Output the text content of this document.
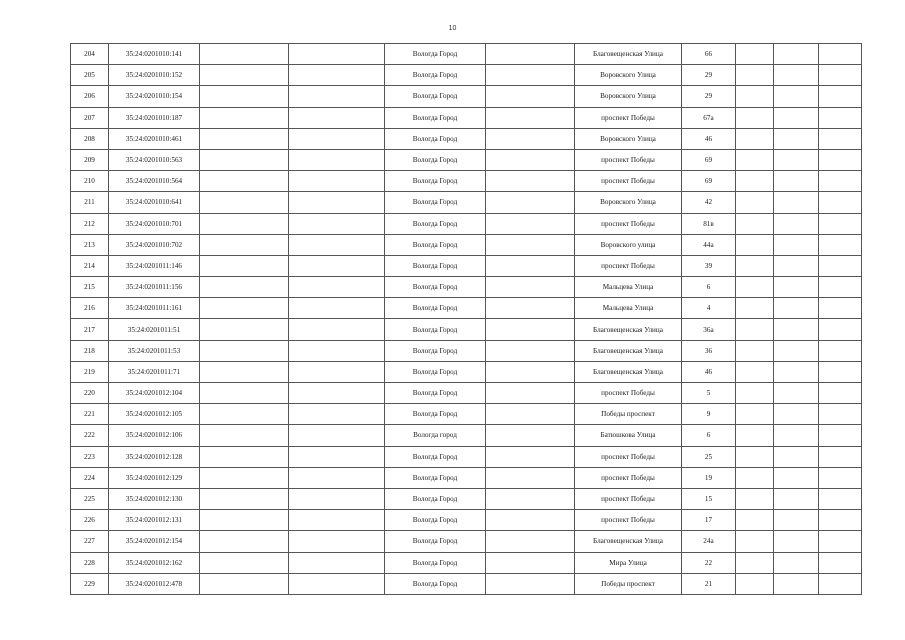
10
204	35:24:0201010:141			Вологда Город		Благовещенская Улица	66			
205	35:24:0201010:152			Вологда Город		Воровского Улица	29			
206	35:24:0201010:154			Вологда Город		Воровского Улица	29			
207	35:24:0201010:187			Вологда Город		проспект Победы	67а			
208	35:24:0201010:461			Вологда Город		Воровского Улица	46			
209	35:24:0201010:563			Вологда Город		проспект Победы	69			
210	35:24:0201010:564			Вологда Город		проспект Победы	69			
211	35:24:0201010:641			Вологда Город		Воровского Улица	42			
212	35:24:0201010:701			Вологда Город		проспект Победы	81в			
213	35:24:0201010:702			Вологда Город		Воровского улица	44а			
214	35:24:0201011:146			Вологда Город		проспект Победы	39			
215	35:24:0201011:156			Вологда Город		Мальцева Улица	6			
216	35:24:0201011:161			Вологда Город		Мальцева Улица	4			
217	35:24:0201011:51			Вологда Город		Благовещенская Улица	36а			
218	35:24:0201011:53			Вологда Город		Благовещенская Улица	36			
219	35:24:0201011:71			Вологда Город		Благовещенская Улица	46			
220	35:24:0201012:104			Вологда Город		проспект Победы	5			
221	35:24:0201012:105			Вологда Город		Победы проспект	9			
222	35:24:0201012:106			Вологда город		Батюшкова Улица	6			
223	35:24:0201012:128			Вологда Город		проспект Победы	25			
224	35:24:0201012:129			Вологда Город		проспект Победы	19			
225	35:24:0201012:130			Вологда Город		проспект Победы	15			
226	35:24:0201012:131			Вологда Город		проспект Победы	17			
227	35:24:0201012:154			Вологда Город		Благовещенская Улица	24а			
228	35:24:0201012:162			Вологда Город		Мира Улица	22			
229	35:24:0201012:478			Вологда Город		Победы проспект	21			
